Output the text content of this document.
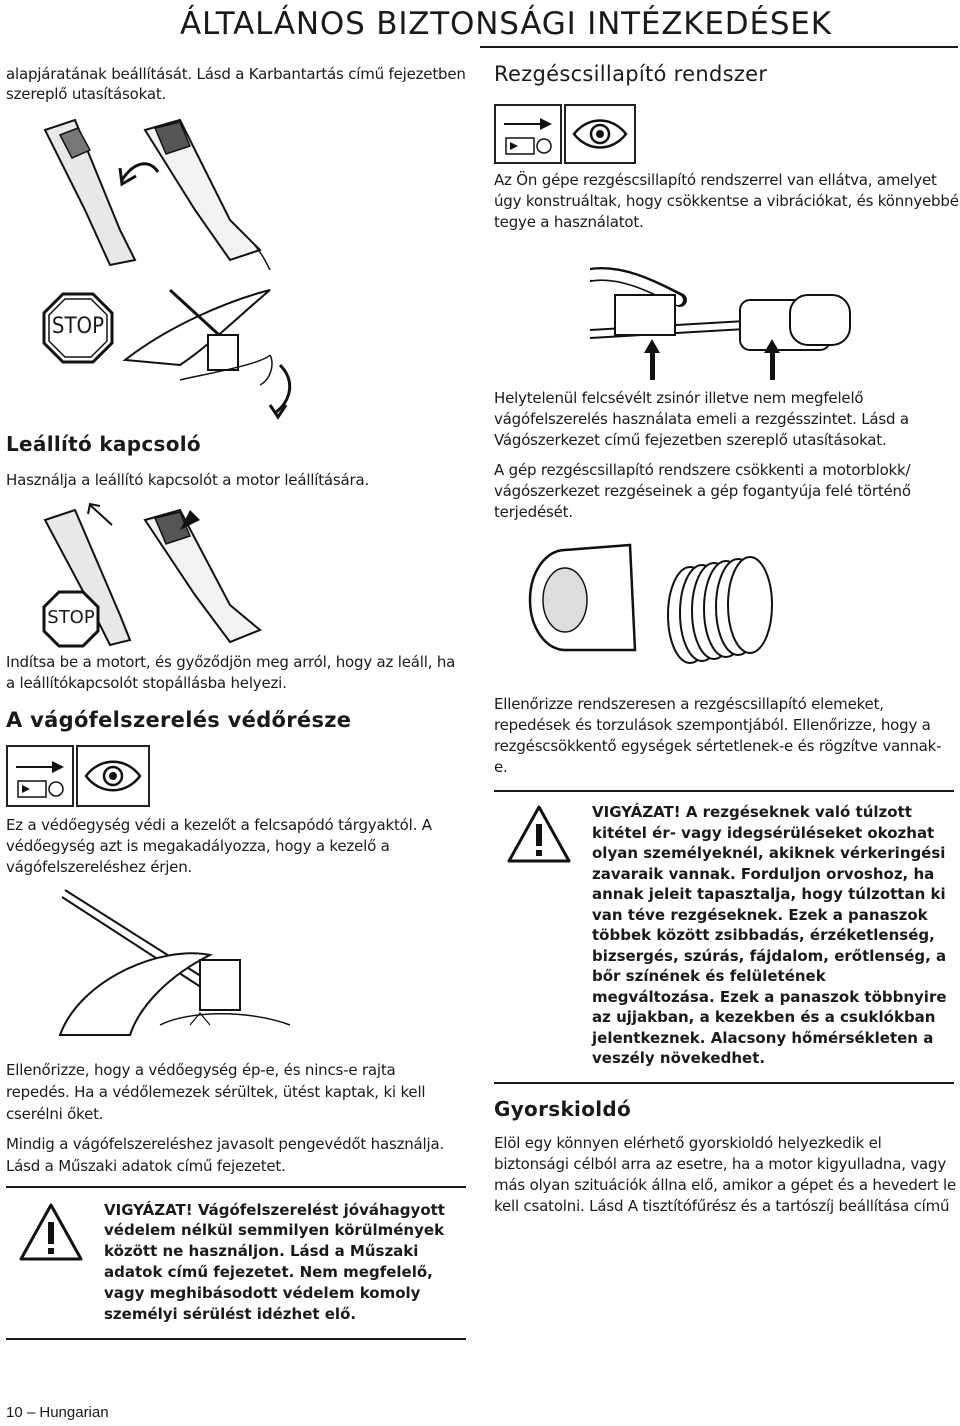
ÁLTALÁNOS BIZTONSÁGI INTÉZKEDÉSEK
alapjáratának beállítását. Lásd a Karbantartás című fejezetben
szereplő utasításokat.
STOP
Leállító kapcsoló
Használja a leállító kapcsolót a motor leállítására.
STOP
Indítsa be a motort, és győződjön meg arról, hogy az leáll, ha
a leállítókapcsolót stopállásba helyezi.
A vágófelszerelés védőrésze
Ez a védőegység védi a kezelőt a felcsapódó tárgyaktól. A
védőegység azt is megakadályozza, hogy a kezelő a
vágófelszereléshez érjen.
Ellenőrizze, hogy a védőegység ép-e, és nincs-e rajta
repedés. Ha a védőlemezek sérültek, ütést kaptak, ki kell
cserélni őket.
Mindig a vágófelszereléshez javasolt pengevédőt használja.
Lásd a Műszaki adatok című fejezetet.
VIGYÁZAT! Vágófelszerelést jóváhagyott
védelem nélkül semmilyen körülmények
között ne használjon. Lásd a Műszaki
adatok című fejezetet. Nem megfelelő,
vagy meghibásodott védelem komoly
személyi sérülést idézhet elő.
Rezgéscsillapító rendszer
Az Ön gépe rezgéscsillapító rendszerrel van ellátva, amelyet
úgy konstruáltak, hogy csökkentse a vibrációkat, és könnyebbé
tegye a használatot.
Helytelenül felcsévélt zsinór illetve nem megfelelő
vágófelszerelés használata emeli a rezgésszintet. Lásd a
Vágószerkezet című fejezetben szereplő utasításokat.
A gép rezgéscsillapító rendszere csökkenti a motorblokk/
vágószerkezet rezgéseinek a gép fogantyúja felé történő
terjedését.
Ellenőrizze rendszeresen a rezgéscsillapító elemeket,
repedések és torzulások szempontjából. Ellenőrizze, hogy a
rezgéscsökkentő egységek sértetlenek-e és rögzítve vannak-
e.
VIGYÁZAT! A rezgéseknek való túlzott
kitétel ér- vagy idegsérüléseket okozhat
olyan személyeknél, akiknek vérkeringési
zavaraik vannak. Forduljon orvoshoz, ha
annak jeleit tapasztalja, hogy túlzottan ki
van téve rezgéseknek. Ezek a panaszok
többek között zsibbadás, érzéketlenség,
bizsergés, szúrás, fájdalom, erőtlenség, a
bőr színének és felületének
megváltozása. Ezek a panaszok többnyire
az ujjakban, a kezekben és a csuklókban
jelentkeznek. Alacsony hőmérsékleten a
veszély növekedhet.
Gyorskioldó
Elöl egy könnyen elérhető gyorskioldó helyezkedik el
biztonsági célból arra az esetre, ha a motor kigyulladna, vagy
más olyan szituációk állna elő, amikor a gépet és a hevedert le
kell csatolni. Lásd A tisztítófűrész és a tartószíj beállítása című
10 – Hungarian
